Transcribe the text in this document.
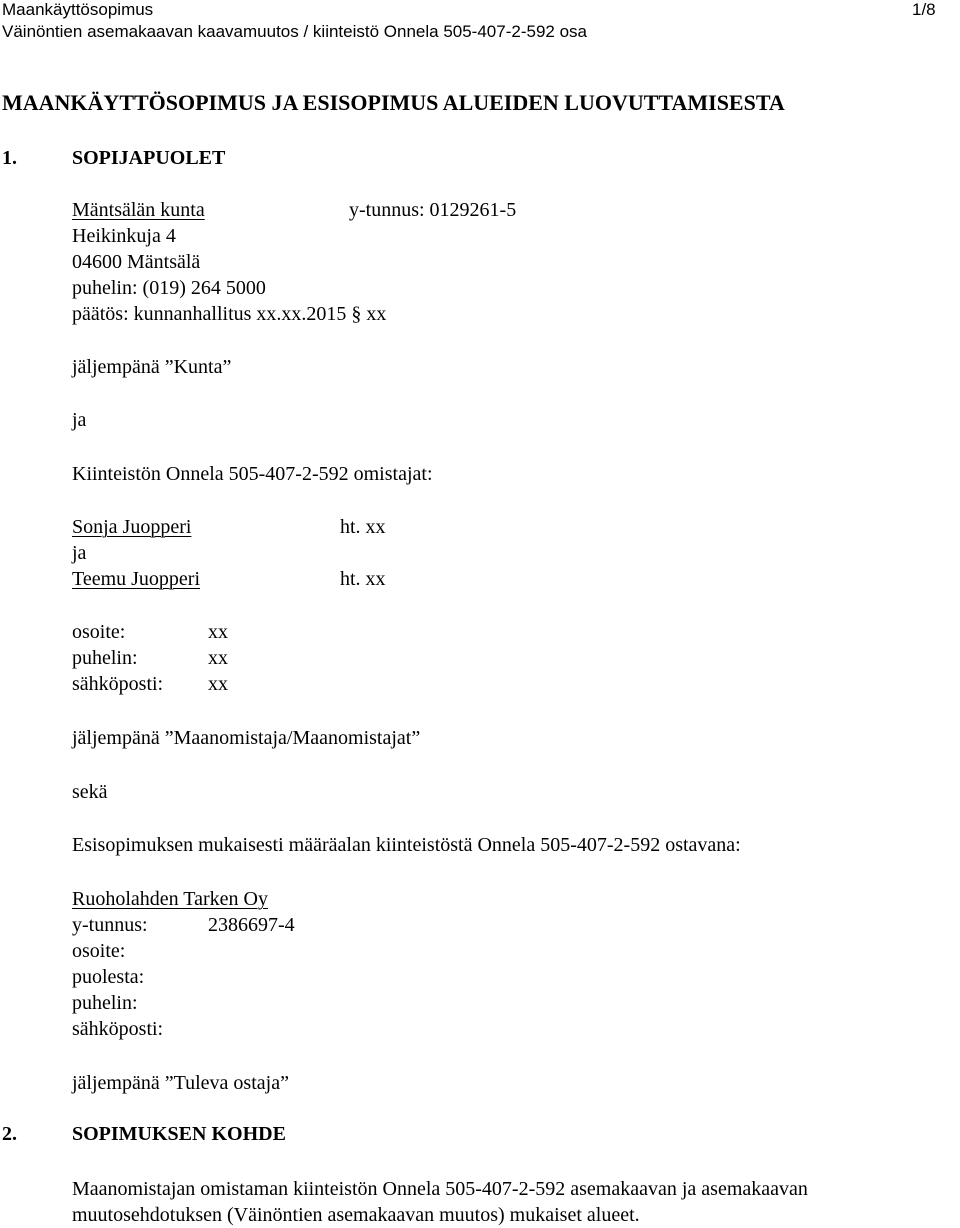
Maankäyttösopimus	1/8
Väinöntien asemakaavan kaavamuutos / kiinteistö Onnela 505-407-2-592 osa
MAANKÄYTTÖSOPIMUS JA ESISOPIMUS ALUEIDEN LUOVUTTAMISESTA
1.	SOPIJAPUOLET
Mäntsälän kunta	y-tunnus: 0129261-5
Heikinkuja 4
04600 Mäntsälä
puhelin: (019) 264 5000
päätös: kunnanhallitus xx.xx.2015 § xx
jäljempänä ”Kunta”
ja
Kiinteistön Onnela 505-407-2-592 omistajat:
Sonja Juopperi	ht. xx
ja
Teemu Juopperi	ht. xx
osoite:	xx
puhelin:	xx
sähköposti: xx
jäljempänä ”Maanomistaja/Maanomistajat”
sekä
Esisopimuksen mukaisesti määräalan kiinteistöstä Onnela 505-407-2-592 ostavana:
Ruoholahden Tarken Oy
y-tunnus:	2386697-4
osoite:
puolesta:
puhelin:
sähköposti:
jäljempänä ”Tuleva ostaja”
2.	SOPIMUKSEN KOHDE
Maanomistajan omistaman kiinteistön Onnela 505-407-2-592 asemakaavan ja asemakaavan muutosehdotuksen (Väinöntien asemakaavan muutos) mukaiset alueet.
